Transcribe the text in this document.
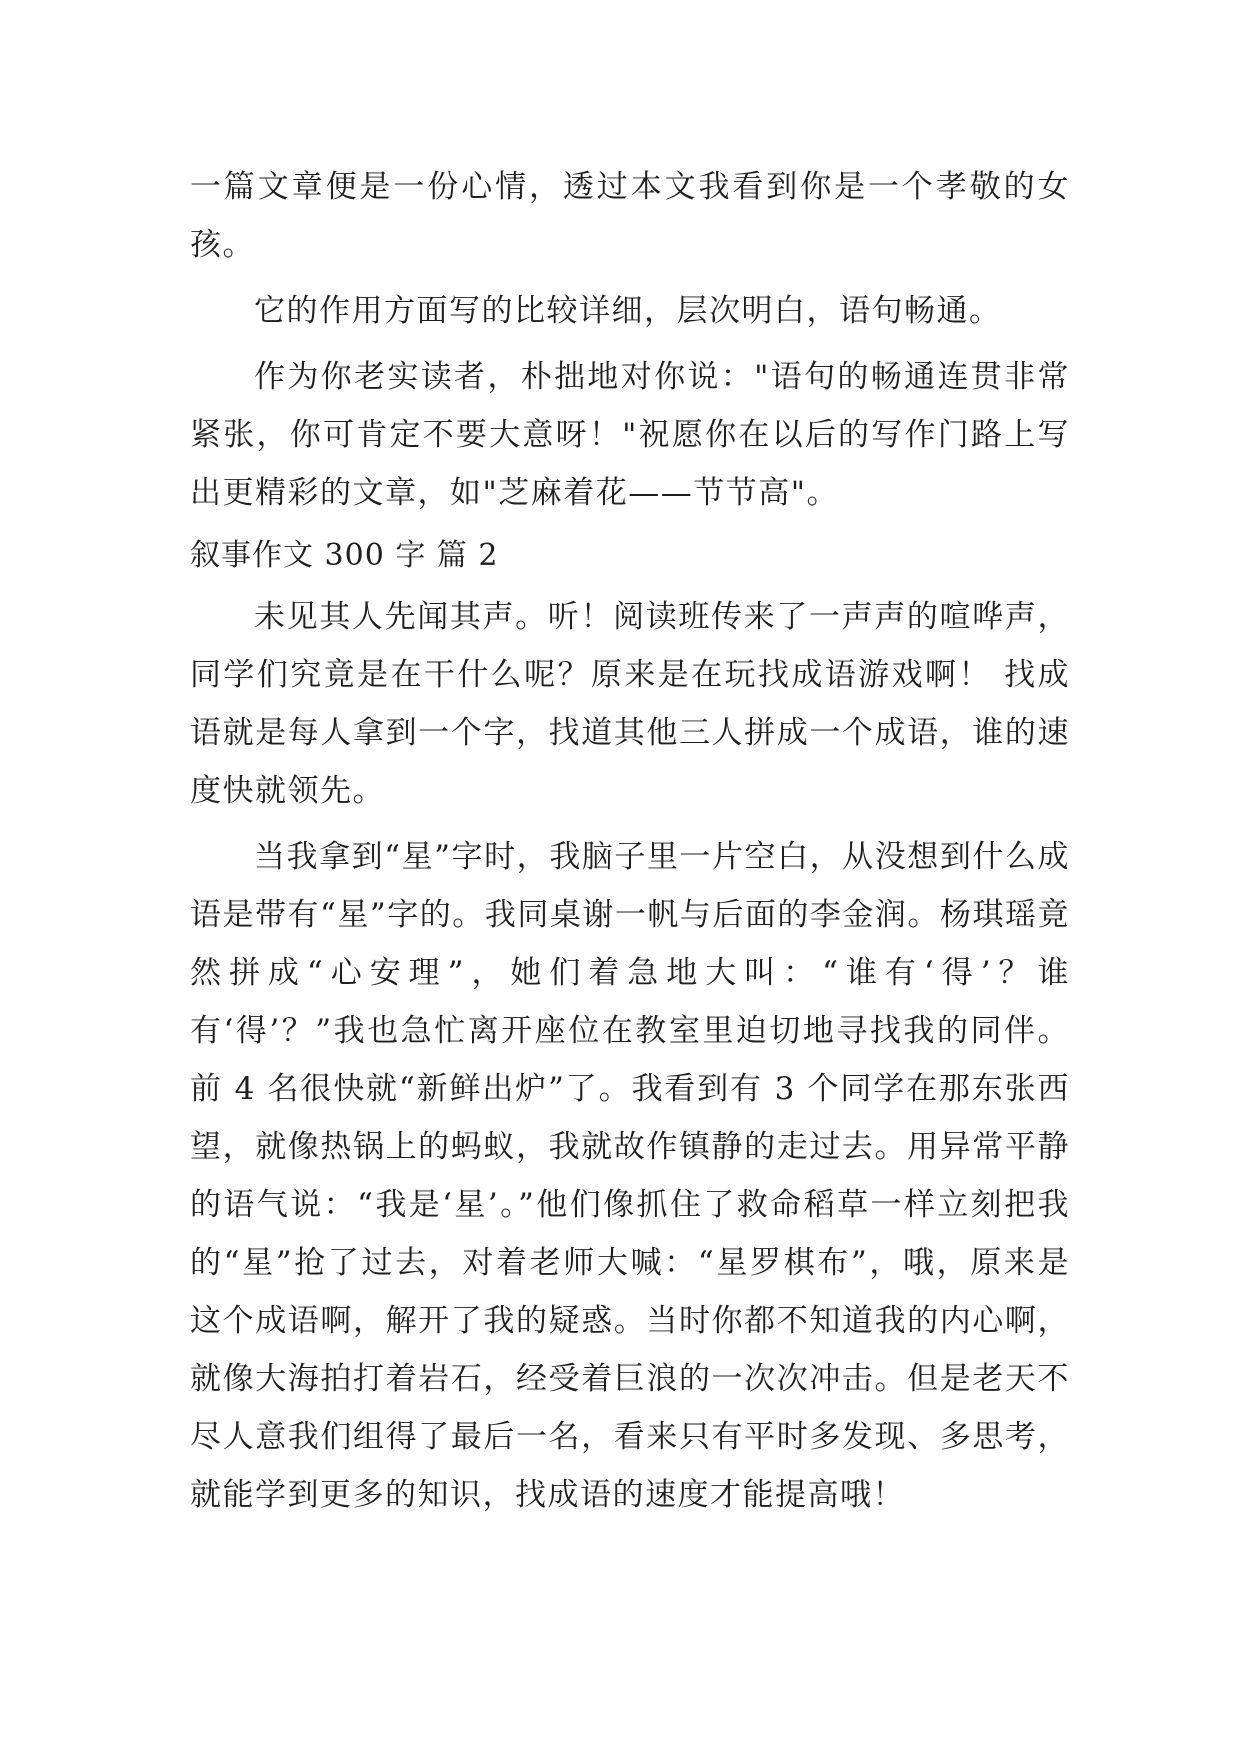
一篇文章便是一份心情，透过本文我看到你是一个孝敬的女孩。

它的作用方面写的比较详细，层次明白，语句畅通。

作为你老实读者，朴拙地对你说："语句的畅通连贯非常紧张，你可肯定不要大意呀！"祝愿你在以后的写作门路上写出更精彩的文章，如"芝麻着花——节节高"。

叙事作文 300 字 篇 2

未见其人先闻其声。听！阅读班传来了一声声的喧哗声，同学们究竟是在干什么呢？原来是在玩找成语游戏啊！ 找成语就是每人拿到一个字，找道其他三人拼成一个成语，谁的速度快就领先。

当我拿到“星”字时，我脑子里一片空白，从没想到什么成语是带有“星”字的。我同桌谢一帆与后面的李金润。杨琪瑶竟然拼成“心安理”，她们着急地大叫：“谁有‘得’？谁有‘得’？”我也急忙离开座位在教室里迫切地寻找我的同伴。前 4 名很快就“新鲜出炉”了。我看到有 3 个同学在那东张西望，就像热锅上的蚂蚁，我就故作镇静的走过去。用异常平静的语气说：“我是‘星’。”他们像抓住了救命稻草一样立刻把我的“星”抢了过去，对着老师大喊：“星罗棋布”，哦，原来是这个成语啊，解开了我的疑惑。当时你都不知道我的内心啊，就像大海拍打着岩石，经受着巨浪的一次次冲击。但是老天不尽人意我们组得了最后一名，看来只有平时多发现、多思考，就能学到更多的知识，找成语的速度才能提高哦！
